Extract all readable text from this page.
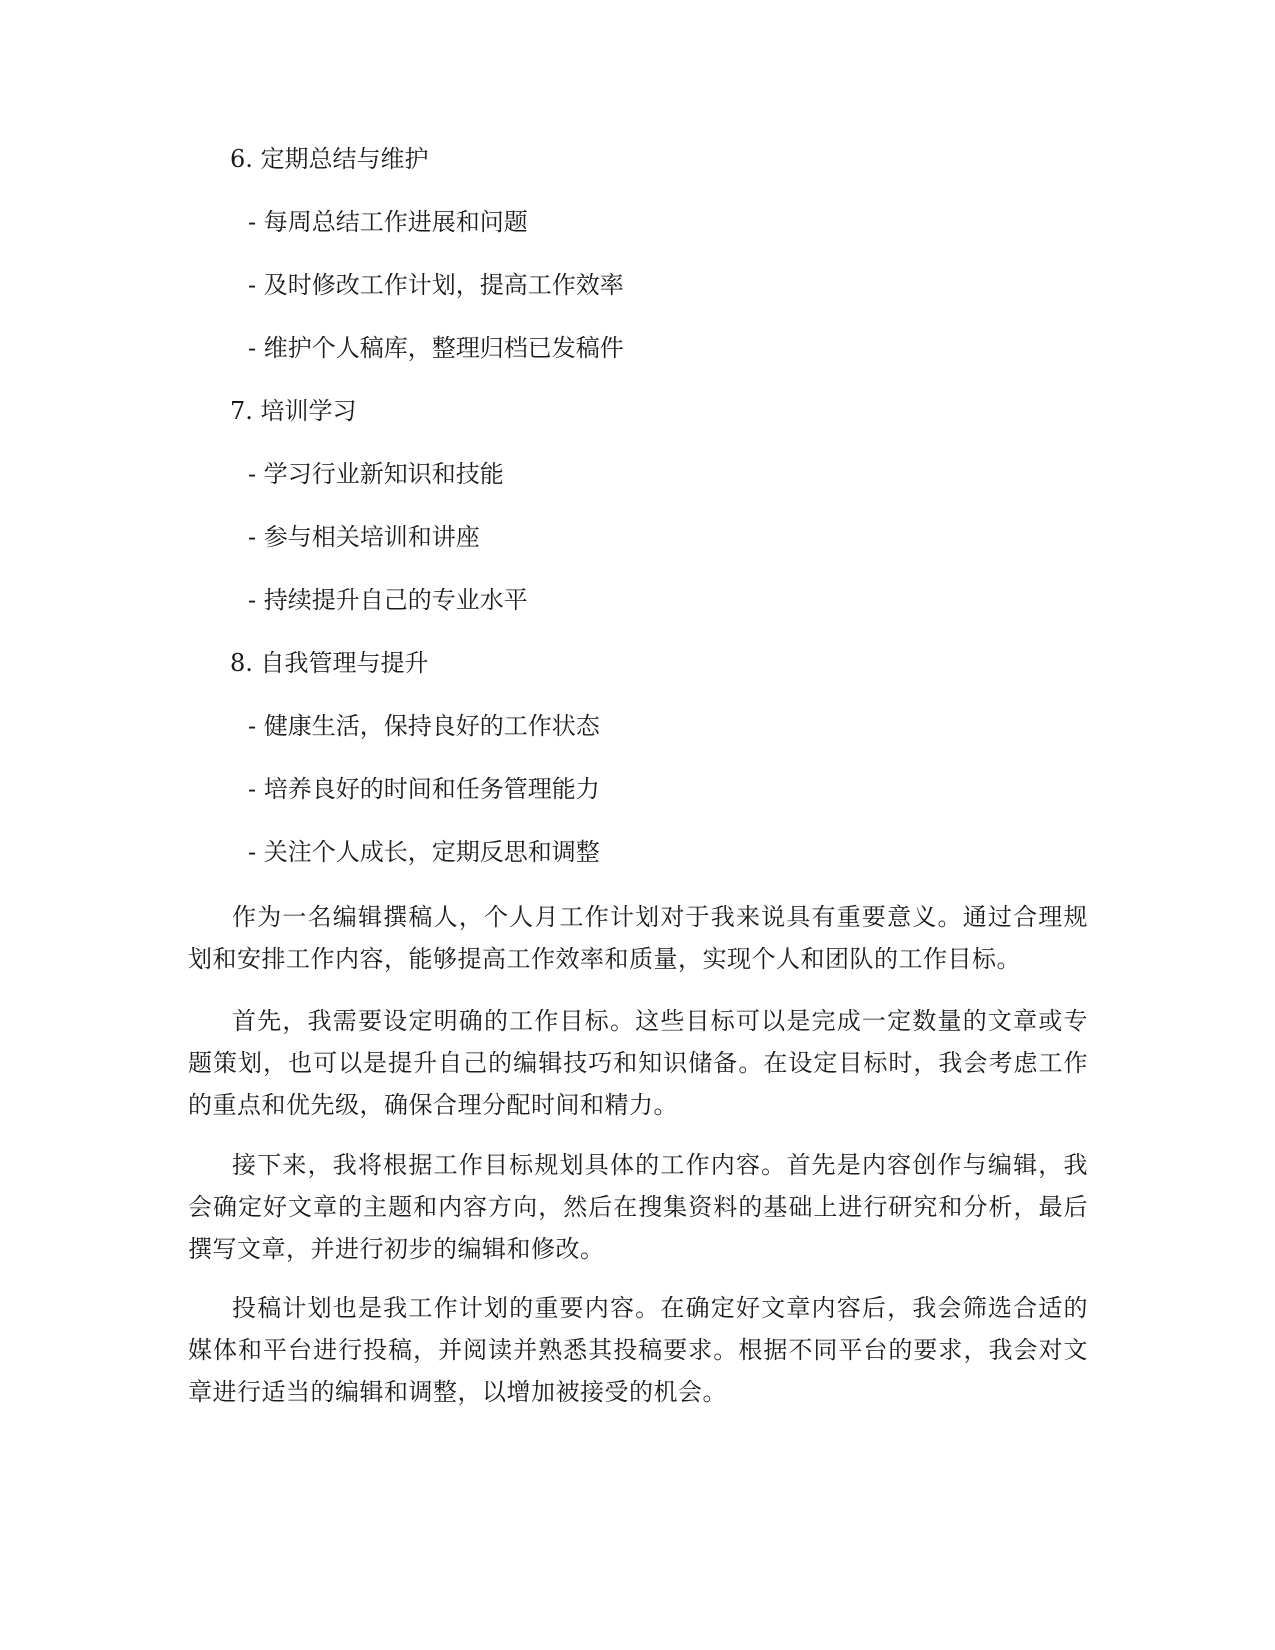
6. 定期总结与维护

- 每周总结工作进展和问题

- 及时修改工作计划，提高工作效率

- 维护个人稿库，整理归档已发稿件

7. 培训学习

- 学习行业新知识和技能

- 参与相关培训和讲座

- 持续提升自己的专业水平

8. 自我管理与提升

- 健康生活，保持良好的工作状态

- 培养良好的时间和任务管理能力

- 关注个人成长，定期反思和调整

作为一名编辑撰稿人，个人月工作计划对于我来说具有重要意义。通过合理规划和安排工作内容，能够提高工作效率和质量，实现个人和团队的工作目标。

首先，我需要设定明确的工作目标。这些目标可以是完成一定数量的文章或专题策划，也可以是提升自己的编辑技巧和知识储备。在设定目标时，我会考虑工作的重点和优先级，确保合理分配时间和精力。

接下来，我将根据工作目标规划具体的工作内容。首先是内容创作与编辑，我会确定好文章的主题和内容方向，然后在搜集资料的基础上进行研究和分析，最后撰写文章，并进行初步的编辑和修改。

投稿计划也是我工作计划的重要内容。在确定好文章内容后，我会筛选合适的媒体和平台进行投稿，并阅读并熟悉其投稿要求。根据不同平台的要求，我会对文章进行适当的编辑和调整，以增加被接受的机会。
